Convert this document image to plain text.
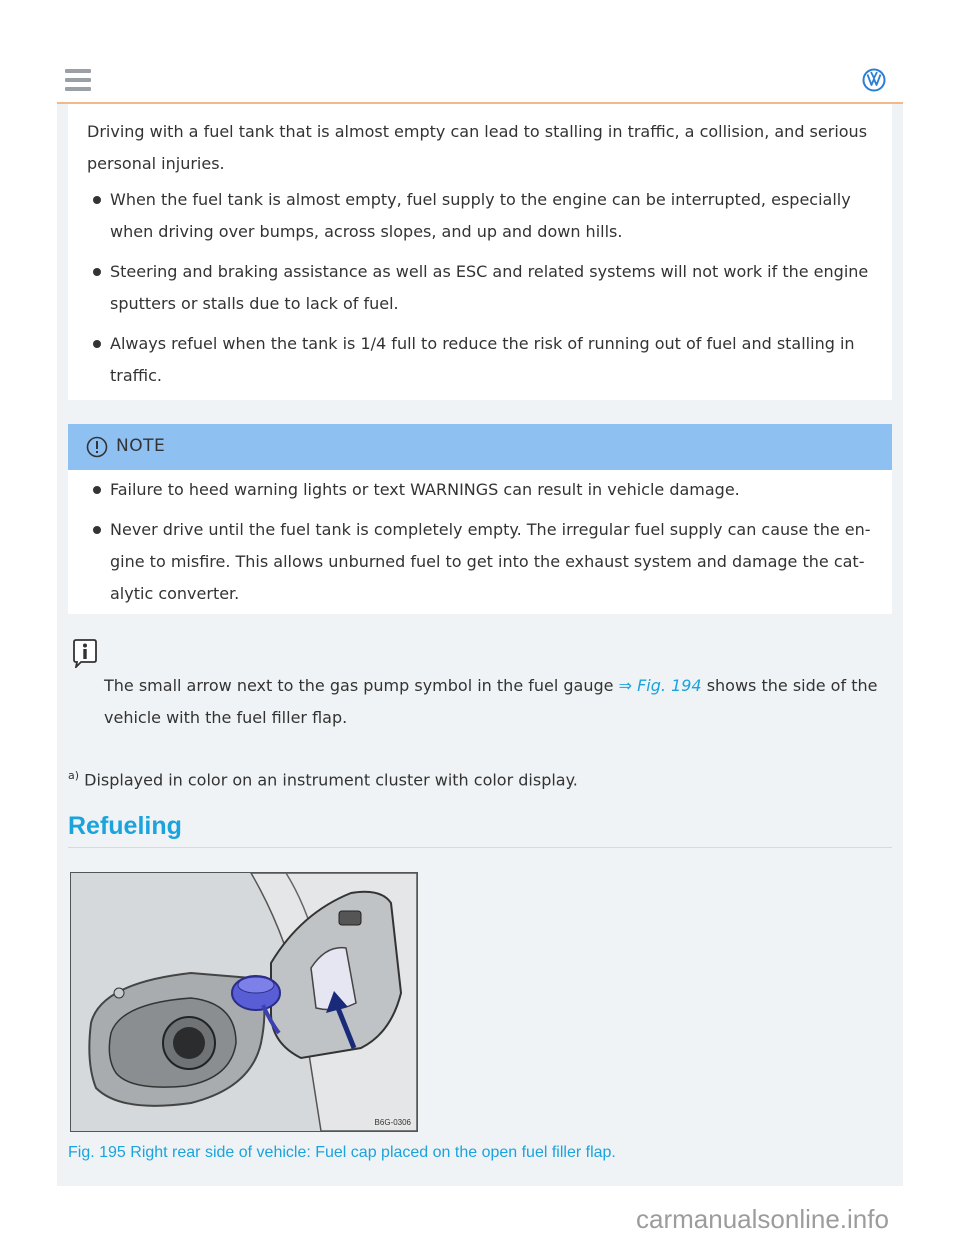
Driving with a fuel tank that is almost empty can lead to stalling in traffic, a collision, and serious personal injuries.

When the fuel tank is almost empty, fuel supply to the engine can be interrupted, especially when driving over bumps, across slopes, and up and down hills.

Steering and braking assistance as well as ESC and related systems will not work if the engine sputters or stalls due to lack of fuel.

Always refuel when the tank is 1/4 full to reduce the risk of running out of fuel and stalling in traffic.

NOTE

Failure to heed warning lights or text WARNINGS can result in vehicle damage.

Never drive until the fuel tank is completely empty. The irregular fuel supply can cause the en-gine to misfire. This allows unburned fuel to get into the exhaust system and damage the cat-alytic converter.

The small arrow next to the gas pump symbol in the fuel gauge ⇒ Fig. 194 shows the side of the vehicle with the fuel filler flap.

$^{a)}$ Displayed in color on an instrument cluster with color display.

Refueling
B6G-0306

Fig. 195 Right rear side of vehicle: Fuel cap placed on the open fuel filler flap.

carmanualsonline.info
